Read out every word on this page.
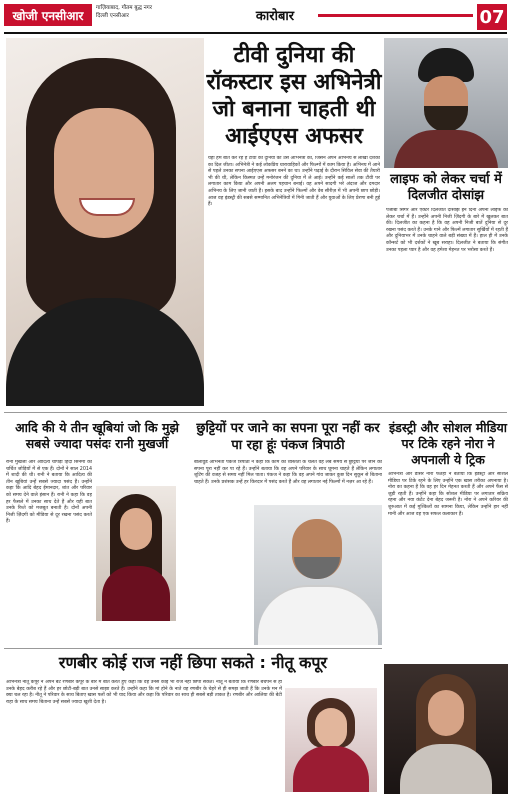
खोजी एनसीआर
गाज़ियाबाद, गौतम बुद्ध नगर
दिल्ली एनसीआर	कारोबार	07
टीवी दुनिया की रॉकस्टार इस अभिनेत्री जो बनाना चाहती थी आईएएस अफसर
यहाँ हम बात कर रहे हैं टीवी की दुनिया की उस अभिनेत्री की, जिसने अपने अभिनय से लाखों दर्शकों का दिल जीता। अभिनेत्री ने कई लोकप्रिय धारावाहिकों और फिल्मों में काम किया है। अभिनय में आने से पहले उनका सपना आईएएस अफसर बनने का था। उन्होंने पढ़ाई के दौरान सिविल सेवा की तैयारी भी की थी, लेकिन किस्मत उन्हें मनोरंजन की दुनिया में ले आई। उन्होंने कई सालों तक टीवी पर लगातार काम किया और अपनी अलग पहचान बनाई। वह अपने सादगी भरे अंदाज और दमदार अभिनय के लिए जानी जाती हैं। इसके बाद उन्होंने फिल्मों और वेब सीरीज़ में भी अपनी छाप छोड़ी। आज वह इंडस्ट्री की सबसे सम्मानित अभिनेत्रियों में गिनी जाती हैं और युवाओं के लिए प्रेरणा बनी हुई हैं।
लाइफ को लेकर चर्चा में दिलजीत दोसांझ
पंजाबी सिंगर और एक्टर दिलजीत दोसांझ इन दिनों अपनी लाइफ को लेकर चर्चा में हैं। उन्होंने अपनी निजी ज़िंदगी के बारे में खुलकर बात की। दिलजीत का कहना है कि वह अपनी निजी बातें दुनिया से दूर रखना पसंद करते हैं। उनके गाने और फिल्में लगातार सुर्खियों में रहती हैं और दुनियाभर में उनके चाहने वाले बड़ी संख्या में हैं। हाल ही में उनके कॉन्सर्ट को भी दर्शकों ने खूब सराहा। दिलजीत ने बताया कि संगीत उनका पहला प्यार है और वह हमेशा मेहनत पर भरोसा करते हैं।
आदि की ये तीन खूबियां जो कि मुझे सबसे ज्यादा पसंदः रानी मुखर्जी
रानी मुखर्जी और आदित्य चोपड़ा हिंदी सिनेमा की चर्चित जोड़ियों में से एक हैं। दोनों ने साल 2014 में शादी की थी। रानी ने बताया कि आदित्य की तीन खूबियां उन्हें सबसे ज्यादा पसंद हैं। उन्होंने कहा कि आदि बेहद ईमानदार, शांत और परिवार को समय देने वाले इंसान हैं। रानी ने कहा कि वह हर फैसले में उनका साथ देते हैं और यही बात उनके रिश्ते को मजबूत बनाती है। दोनों अपनी निजी ज़िंदगी को मीडिया से दूर रखना पसंद करते हैं।
छुट्टियों पर जाने का सपना पूरा नहीं कर पा रहा हूंः पंकज त्रिपाठी
बॉलीवुड अभिनेता पंकज त्रिपाठी ने कहा कि काम की व्यस्तता के चलते वह लंबे समय से छुट्टियों पर जाने का सपना पूरा नहीं कर पा रहे हैं। उन्होंने बताया कि वह अपने परिवार के साथ घूमना चाहते हैं लेकिन लगातार शूटिंग की वजह से समय नहीं मिल पाता। पंकज ने कहा कि वह अपने गांव जाकर कुछ दिन सुकून से बिताना चाहते हैं। उनके प्रशंसक उन्हें हर किरदार में पसंद करते हैं और वह लगातार नई फिल्मों में नज़र आ रहे हैं।
इंडस्ट्री और सोशल मीडिया पर टिके रहने नोरा ने अपनाली ये ट्रिक
अभिनेत्री और डांसर नोरा फतेही ने बताया कि इंडस्ट्री और सोशल मीडिया पर टिके रहने के लिए उन्होंने एक खास तरीका अपनाया है। नोरा का कहना है कि वह हर दिन मेहनत करती हैं और अपने फैंस से जुड़ी रहती हैं। उन्होंने कहा कि सोशल मीडिया पर लगातार सक्रिय रहना और नया कंटेंट देना बेहद जरूरी है। नोरा ने अपने करियर की शुरुआत में कई मुश्किलों का सामना किया, लेकिन उन्होंने हार नहीं मानी और आज वह एक सफल कलाकार हैं।
रणबीर कोई राज नहीं छिपा सकते : नीतू कपूर
अभिनेत्री नीतू कपूर ने अपने बेटे रणबीर कपूर के बारे में बात करते हुए कहा कि वह उनसे कोई भी राज नहीं छिपा सकते। नीतू ने बताया कि रणबीर बचपन से ही उनके बेहद करीब रहे हैं और हर छोटी-बड़ी बात उनसे साझा करते हैं। उन्होंने कहा कि मां होने के नाते वह रणबीर के चेहरे से ही समझ जाती हैं कि उनके मन में क्या चल रहा है। नीतू ने परिवार के साथ बिताए खास पलों को भी याद किया और कहा कि परिवार का साथ ही सबसे बड़ी ताकत है। रणबीर और आलिया की बेटी राहा के साथ समय बिताना उन्हें सबसे ज्यादा खुशी देता है।
